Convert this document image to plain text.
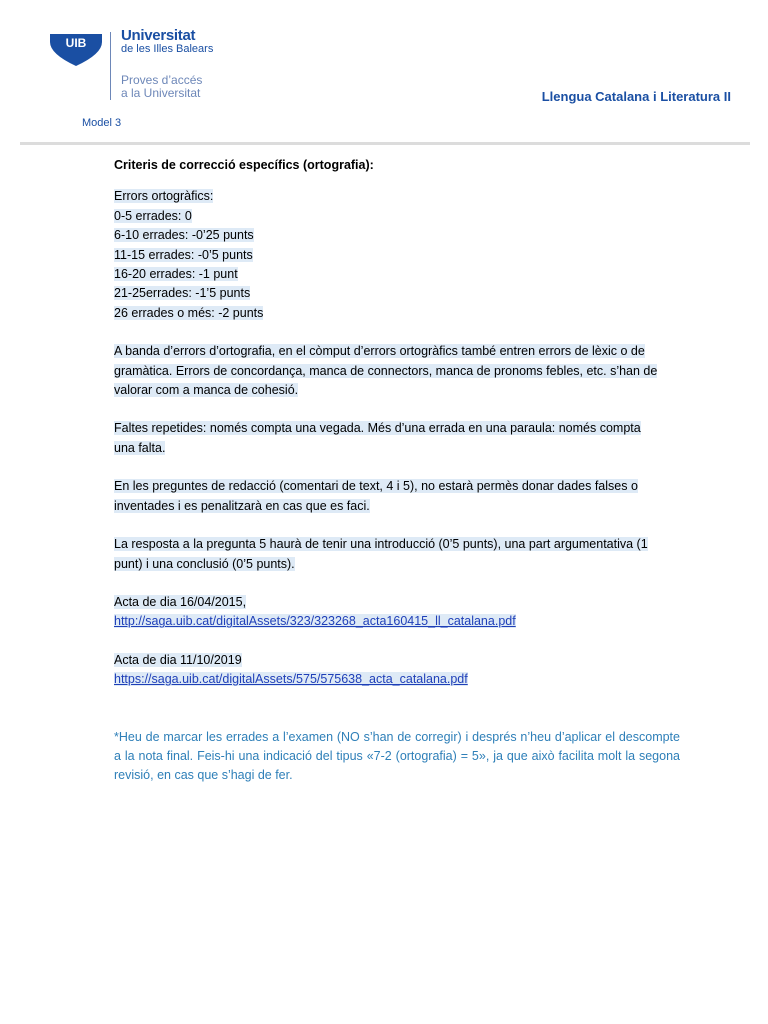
UIB Universitat
de les Illes Balears
Proves d’accés
a la Universitat	Llengua Catalana i Literatura II
Model 3
Criteris de correcció específics (ortografia):
Errors ortogràfics:
0-5 errades: 0
6-10 errades: -0’25 punts
11-15 errades: -0’5 punts
16-20 errades: -1 punt
21-25errades: -1’5 punts
26 errades o més: -2 punts
A banda d’errors d’ortografia, en el còmput d’errors ortogràfics també entren errors de lèxic o de
gramàtica. Errors de concordança, manca de connectors, manca de pronoms febles, etc. s’han de
valorar com a manca de cohesió.
Faltes repetides: només compta una vegada. Més d’una errada en una paraula: només compta
una falta.
En les preguntes de redacció (comentari de text, 4 i 5), no estarà permès donar dades falses o
inventades i es penalitzarà en cas que es faci.
La resposta a la pregunta 5 haurà de tenir una introducció (0’5 punts), una part argumentativa (1
punt) i una conclusió (0’5 punts).
Acta de dia 16/04/2015,
http://saga.uib.cat/digitalAssets/323/323268_acta160415_ll_catalana.pdf
Acta de dia 11/10/2019
https://saga.uib.cat/digitalAssets/575/575638_acta_catalana.pdf
*Heu de marcar les errades a l’examen (NO s’han de corregir) i després n’heu d’aplicar el descompte a la nota final. Feis-hi una indicació del tipus «7-2 (ortografia) = 5», ja que això facilita molt la segona revisió, en cas que s’hagi de fer.
